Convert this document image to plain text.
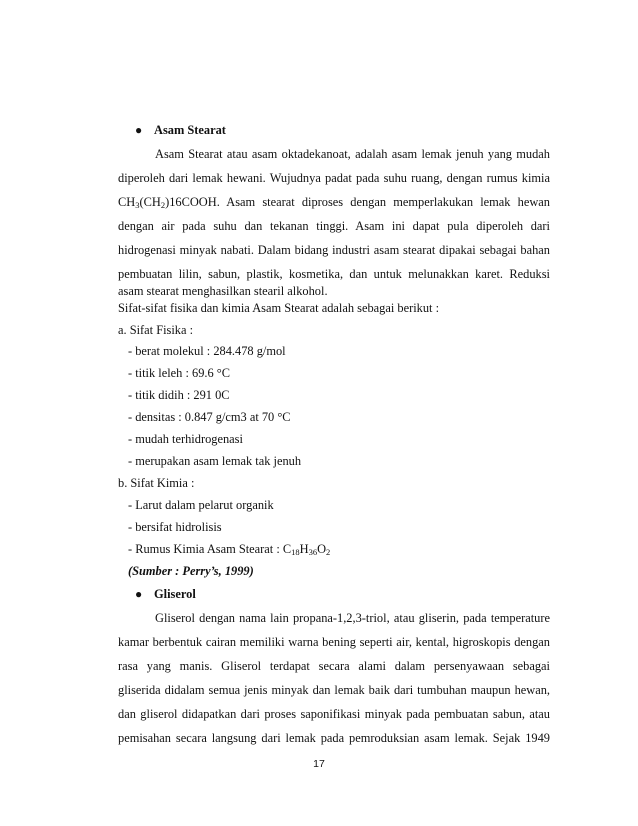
● Asam Stearat
Asam Stearat atau asam oktadekanoat, adalah asam lemak jenuh yang mudah
diperoleh dari lemak hewani. Wujudnya padat pada suhu ruang, dengan rumus kimia
$CH_3(CH_2)16COOH$. Asam stearat diproses dengan memperlakukan lemak hewan
dengan air pada suhu dan tekanan tinggi. Asam ini dapat pula diperoleh dari
hidrogenasi minyak nabati. Dalam bidang industri asam stearat dipakai sebagai bahan
pembuatan lilin, sabun, plastik, kosmetika, dan untuk melunakkan karet. Reduksi
asam stearat menghasilkan stearil alkohol.
Sifat-sifat fisika dan kimia Asam Stearat adalah sebagai berikut :
a. Sifat Fisika :
- berat molekul : 284.478 g/mol
- titik leleh : 69.6 °C
- titik didih : 291 0C
- densitas : 0.847 g/cm3 at 70 °C
- mudah terhidrogenasi
- merupakan asam lemak tak jenuh
b. Sifat Kimia :
- Larut dalam pelarut organik
- bersifat hidrolisis
- Rumus Kimia Asam Stearat : $C_{18}H_{36}O_2$
(Sumber : Perry’s, 1999)
● Gliserol
Gliserol dengan nama lain propana-1,2,3-triol, atau gliserin, pada temperature
kamar berbentuk cairan memiliki warna bening seperti air, kental, higroskopis dengan
rasa yang manis. Gliserol terdapat secara alami dalam persenyawaan sebagai
gliserida didalam semua jenis minyak dan lemak baik dari tumbuhan maupun hewan,
dan gliserol didapatkan dari proses saponifikasi minyak pada pembuatan sabun, atau
pemisahan secara langsung dari lemak pada pemroduksian asam lemak. Sejak 1949
17
